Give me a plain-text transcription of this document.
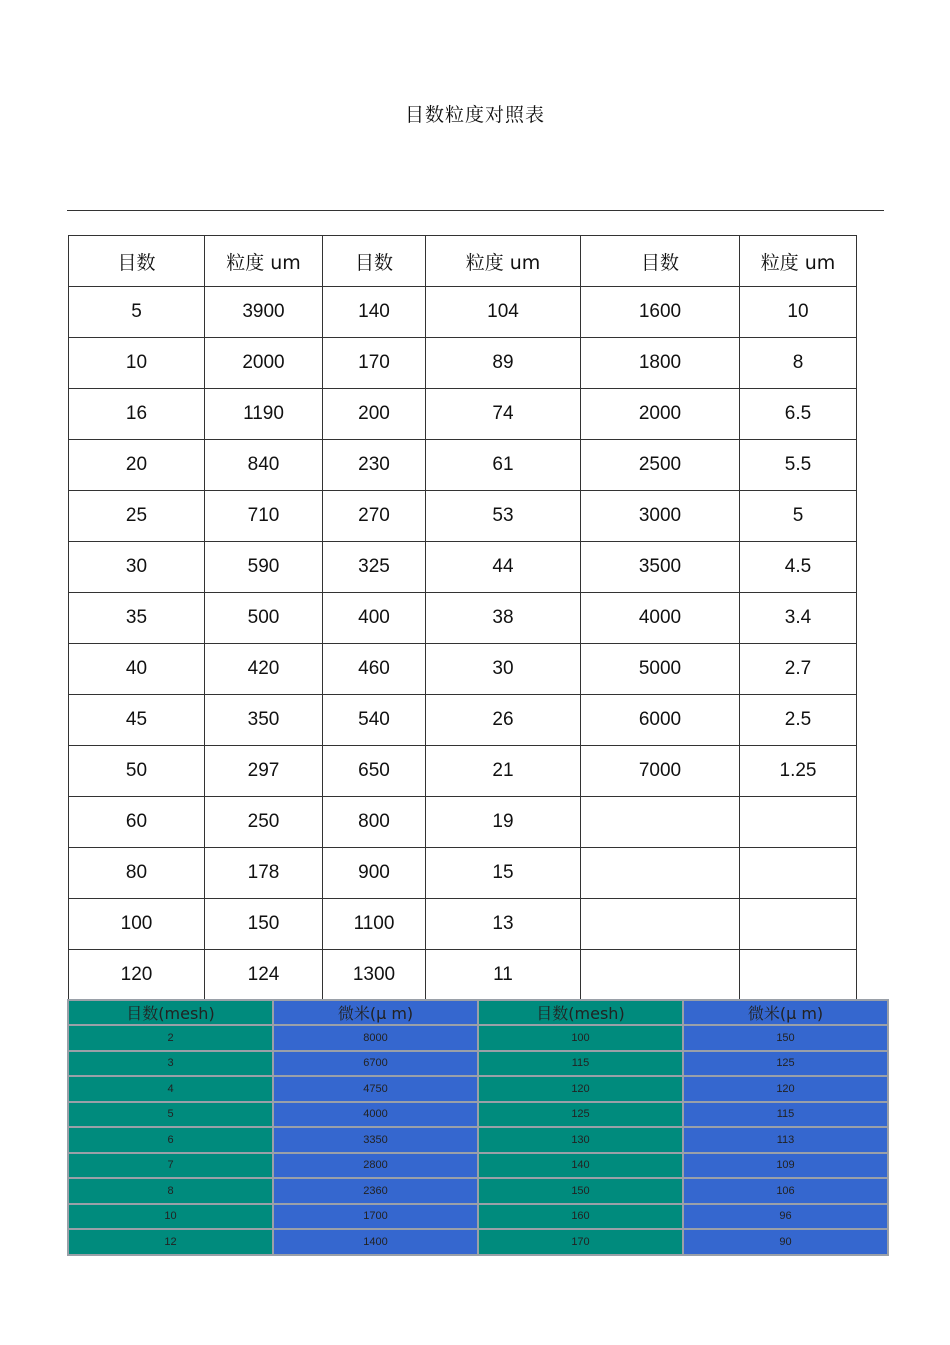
目数粒度对照表
目数	粒度 um	目数	粒度 um	目数	粒度 um
5	3900	140	104	1600	10
10	2000	170	89	1800	8
16	1190	200	74	2000	6.5
20	840	230	61	2500	5.5
25	710	270	53	3000	5
30	590	325	44	3500	4.5
35	500	400	38	4000	3.4
40	420	460	30	5000	2.7
45	350	540	26	6000	2.5
50	297	650	21	7000	1.25
60	250	800	19		
80	178	900	15		
100	150	1100	13		
120	124	1300	11		
目数(mesh)	微米(μ m)	目数(mesh)	微米(μ m)
2	8000	100	150
3	6700	115	125
4	4750	120	120
5	4000	125	115
6	3350	130	113
7	2800	140	109
8	2360	150	106
10	1700	160	96
12	1400	170	90
